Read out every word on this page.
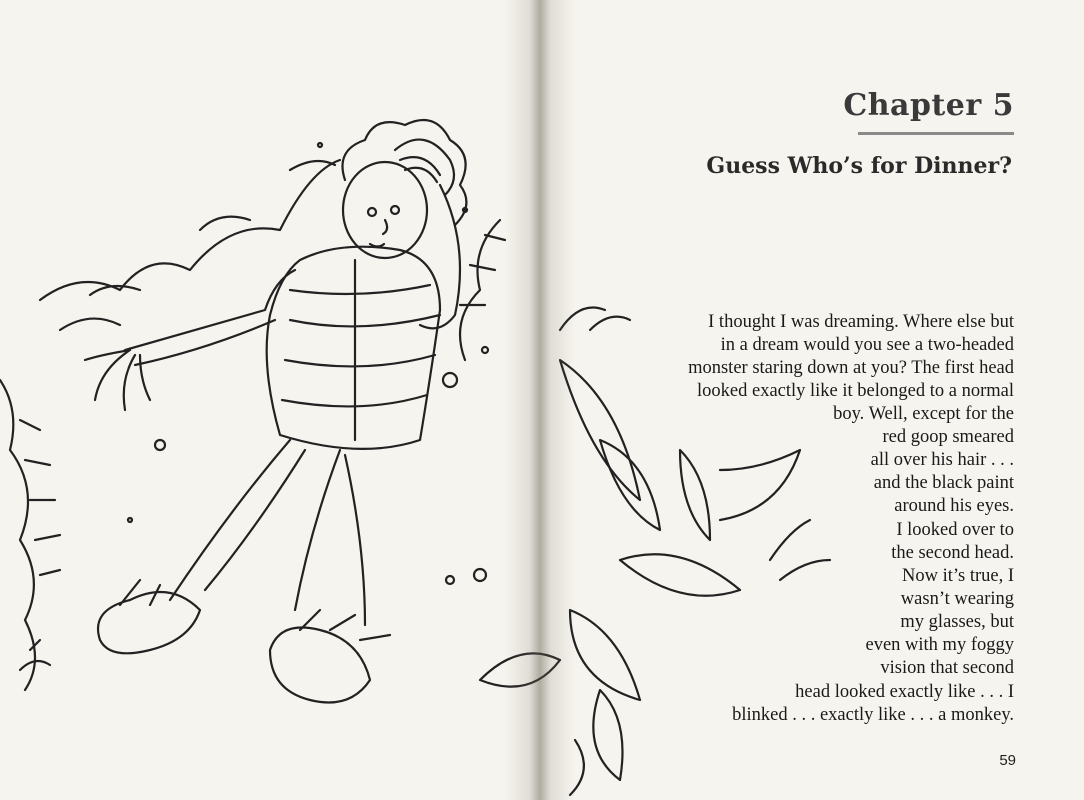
Chapter 5
Guess Who’s for Dinner?
I thought I was dreaming. Where else but
in a dream would you see a two-headed
monster staring down at you? The first head
looked exactly like it belonged to a normal
boy. Well, except for the
red goop smeared
all over his hair . . .
and the black paint
around his eyes.
I looked over to
the second head.
Now it’s true, I
wasn’t wearing
my glasses, but
even with my foggy
vision that second
head looked exactly like . . . I
blinked . . . exactly like . . . a monkey.
59
